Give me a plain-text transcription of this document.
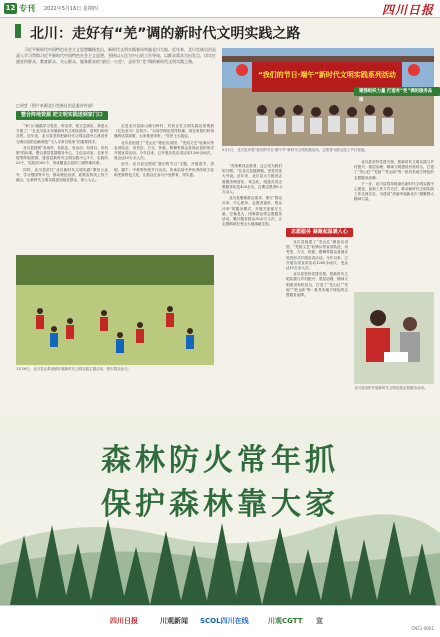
12 专刊 2022年5月16日 星期四	四川日报
北川：走好有“羌”调的新时代文明实践之路
习近平新时代中国特色社会主义思想飘扬羌山，新时代文明实践春风吹遍北川大地。近年来，北川羌族自治县深入学习贯彻习近平新时代中国特色社会主义思想，坚持以人民为中心的工作导向，以群众需求为出发点，切实打通宣传群众、教育群众、关心群众、服务群众的“最后一公里”，走好有“羌”调的新时代文明实践之路。
□刘莹（图片来源北川羌族自治县委宣传部）
“我们的节日·端午”新时代文明实践系列活动
5月1日，北川县开展“我们的节日·端午节”新时代文明实践活动，志愿者为群众送上节日祝福。
整合阵地资源 把文明实践送到家门口

“家门口就能学习党史、听宣讲、看文艺演出，真是太方便了！”在北川县永安镇新时代文明实践所，居民们纷纷点赞。近年来，北川县坚持把新时代文明实践中心建设作为推动党的创新理论“飞入寻常百姓家”的重要抓手。

北川县按照“有场所、有队伍、有活动、有项目、有机制”的标准，整合基层党群服务中心、文化活动室、农家书屋等阵地资源，建成县新时代文明实践中心1个、实践所23个、实践站302个，形成覆盖全县的三级阵地体系。

同时，北川县依托“北川新时代文明实践”微信公众号、学习强国等平台，推动理论宣讲、政策宣传线上线下融合，让新时代文明实践更加贴近群众、深入人心。

走进北川县曲山镇石岭村，村民正在文明实践站里观看《红色北川》宣传片。“以前学理论觉得枯燥，现在用我们听得懂的话讲政策，大家都爱来听。”村民王大姐说。

北川县组建了“羌山红”理论宣讲团、“羌韵文艺”轻骑兵等宣讲队伍，用羌语、方言、快板、歌舞等群众喜闻乐见的形式开展宣讲活动。今年以来，已开展各类宣讲活动1200余场次，受众达10万余人次。

此外，北川县还围绕“我们的节日”主题，开展春节、清明、端午、中秋等传统节日活动，传承弘扬中华优秀传统文化和羌族特色文化，让群众在参与中受教育、得实惠。

1月26日，北川县在禹里镇开展新时代文明实践主题活动，吸引群众参与。
志愿服务 凝聚起温暖人心

“有困难找志愿者，这已成为我们的习惯。”在北川县擂鼓镇，老党员张大爷说。近年来，北川县大力推进志愿服务制度化、常态化，组建各类志愿服务队伍420余支，注册志愿者6.2万余人。

北川县聚焦群众需求，推行“群众点单、中心派单、志愿者接单、群众评单”的服务模式，开展关爱留守儿童、空巢老人、困难群众等志愿服务活动，累计服务群众30余万人次，让志愿精神在羌山大地落地生根。

北川县组建了“羌山红”理论宣讲团、“羌韵文艺”轻骑兵等宣讲队伍，用羌语、方言、快板、歌舞等群众喜闻乐见的形式开展宣讲活动。今年以来，已开展各类宣讲活动1200余场次，受众达10万余人次。

北川县坚持党建引领，把新时代文明实践与乡村振兴、基层治理、精神文明建设有机结合，打造了“羌山红”“羌韵”“羌山绿”等一批具有地方特色的志愿服务品牌。

建强组织力量 打造有“羌”调的服务品牌

北川县坚持党建引领，把新时代文明实践与乡村振兴、基层治理、精神文明建设有机结合，打造了“羌山红”“羌韵”“羌山绿”等一批具有地方特色的志愿服务品牌。

下一步，北川县将持续深化新时代文明实践中心建设，创新工作方式方法，推动新时代文明实践工作走深走实，为建设“美丽幸福新北川”凝聚强大精神力量。

北川县组织开展新时代文明实践志愿服务活动。
森林防火常年抓
保护森林靠大家
四川日报	川观新闻 SCOL四川在线	川观CGTT 宣
CN51-0001
